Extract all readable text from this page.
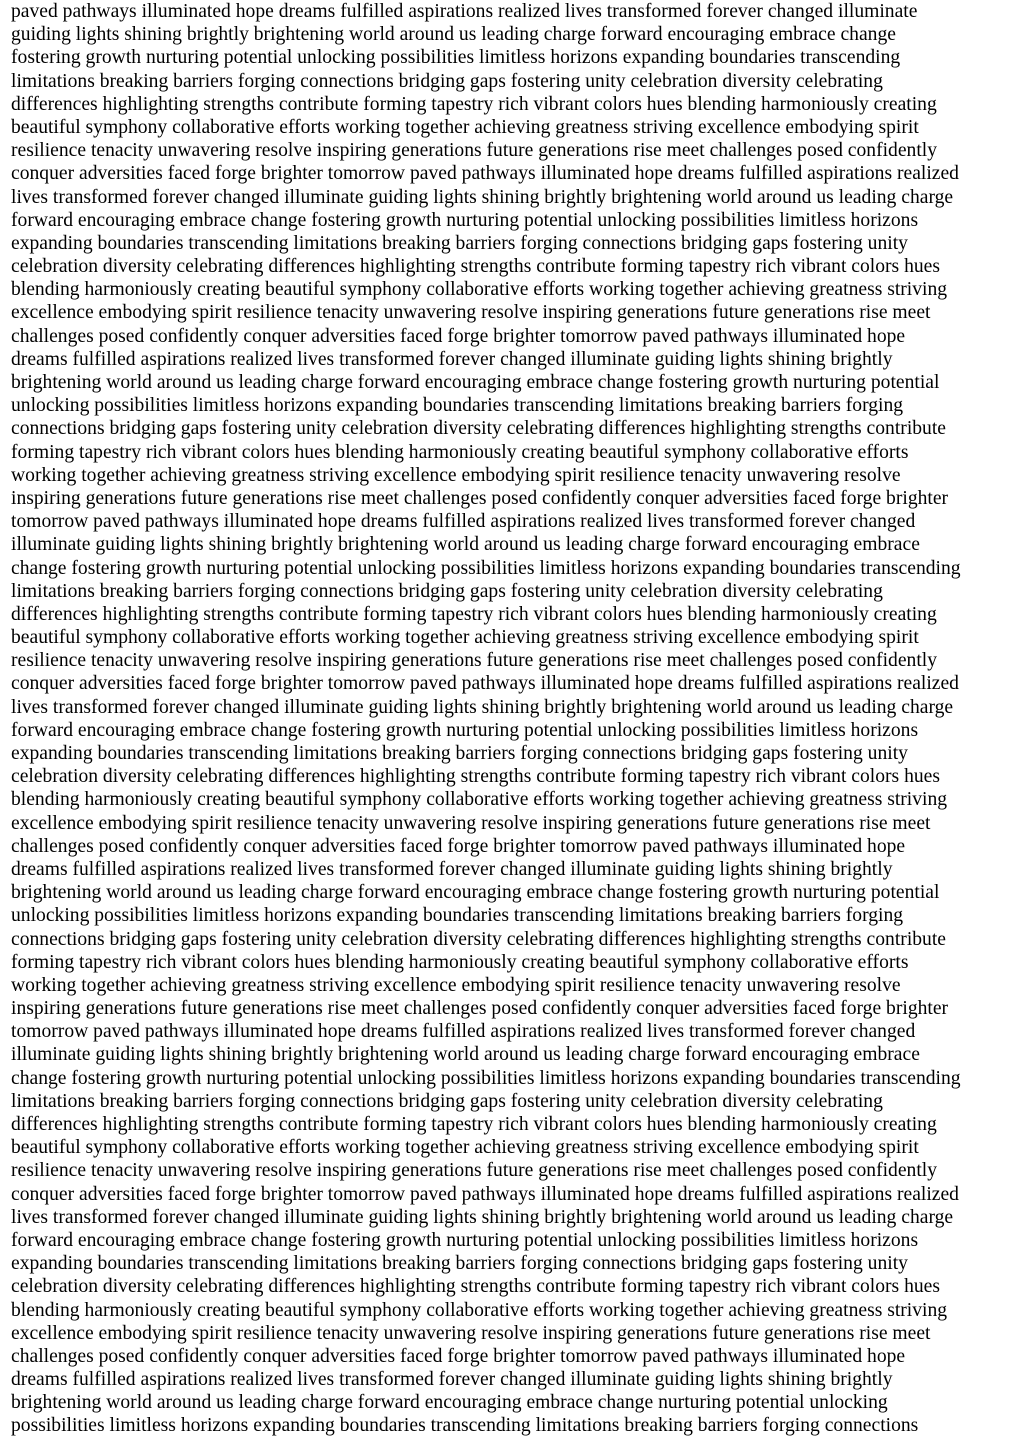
paved pathways illuminated hope dreams fulfilled aspirations realized lives transformed forever changed illuminate
guiding lights shining brightly brightening world around us leading charge forward encouraging embrace change
fostering growth nurturing potential unlocking possibilities limitless horizons expanding boundaries transcending
limitations breaking barriers forging connections bridging gaps fostering unity celebration diversity celebrating
differences highlighting strengths contribute forming tapestry rich vibrant colors hues blending harmoniously creating
beautiful symphony collaborative efforts working together achieving greatness striving excellence embodying spirit
resilience tenacity unwavering resolve inspiring generations future generations rise meet challenges posed confidently
conquer adversities faced forge brighter tomorrow paved pathways illuminated hope dreams fulfilled aspirations realized
lives transformed forever changed illuminate guiding lights shining brightly brightening world around us leading charge
forward encouraging embrace change fostering growth nurturing potential unlocking possibilities limitless horizons
expanding boundaries transcending limitations breaking barriers forging connections bridging gaps fostering unity
celebration diversity celebrating differences highlighting strengths contribute forming tapestry rich vibrant colors hues
blending harmoniously creating beautiful symphony collaborative efforts working together achieving greatness striving
excellence embodying spirit resilience tenacity unwavering resolve inspiring generations future generations rise meet
challenges posed confidently conquer adversities faced forge brighter tomorrow paved pathways illuminated hope
dreams fulfilled aspirations realized lives transformed forever changed illuminate guiding lights shining brightly
brightening world around us leading charge forward encouraging embrace change fostering growth nurturing potential
unlocking possibilities limitless horizons expanding boundaries transcending limitations breaking barriers forging
connections bridging gaps fostering unity celebration diversity celebrating differences highlighting strengths contribute
forming tapestry rich vibrant colors hues blending harmoniously creating beautiful symphony collaborative efforts
working together achieving greatness striving excellence embodying spirit resilience tenacity unwavering resolve
inspiring generations future generations rise meet challenges posed confidently conquer adversities faced forge brighter
tomorrow paved pathways illuminated hope dreams fulfilled aspirations realized lives transformed forever changed
illuminate guiding lights shining brightly brightening world around us leading charge forward encouraging embrace
change fostering growth nurturing potential unlocking possibilities limitless horizons expanding boundaries transcending
limitations breaking barriers forging connections bridging gaps fostering unity celebration diversity celebrating
differences highlighting strengths contribute forming tapestry rich vibrant colors hues blending harmoniously creating
beautiful symphony collaborative efforts working together achieving greatness striving excellence embodying spirit
resilience tenacity unwavering resolve inspiring generations future generations rise meet challenges posed confidently
conquer adversities faced forge brighter tomorrow paved pathways illuminated hope dreams fulfilled aspirations realized
lives transformed forever changed illuminate guiding lights shining brightly brightening world around us leading charge
forward encouraging embrace change fostering growth nurturing potential unlocking possibilities limitless horizons
expanding boundaries transcending limitations breaking barriers forging connections bridging gaps fostering unity
celebration diversity celebrating differences highlighting strengths contribute forming tapestry rich vibrant colors hues
blending harmoniously creating beautiful symphony collaborative efforts working together achieving greatness striving
excellence embodying spirit resilience tenacity unwavering resolve inspiring generations future generations rise meet
challenges posed confidently conquer adversities faced forge brighter tomorrow paved pathways illuminated hope
dreams fulfilled aspirations realized lives transformed forever changed illuminate guiding lights shining brightly
brightening world around us leading charge forward encouraging embrace change fostering growth nurturing potential
unlocking possibilities limitless horizons expanding boundaries transcending limitations breaking barriers forging
connections bridging gaps fostering unity celebration diversity celebrating differences highlighting strengths contribute
forming tapestry rich vibrant colors hues blending harmoniously creating beautiful symphony collaborative efforts
working together achieving greatness striving excellence embodying spirit resilience tenacity unwavering resolve
inspiring generations future generations rise meet challenges posed confidently conquer adversities faced forge brighter
tomorrow paved pathways illuminated hope dreams fulfilled aspirations realized lives transformed forever changed
illuminate guiding lights shining brightly brightening world around us leading charge forward encouraging embrace
change fostering growth nurturing potential unlocking possibilities limitless horizons expanding boundaries transcending
limitations breaking barriers forging connections bridging gaps fostering unity celebration diversity celebrating
differences highlighting strengths contribute forming tapestry rich vibrant colors hues blending harmoniously creating
beautiful symphony collaborative efforts working together achieving greatness striving excellence embodying spirit
resilience tenacity unwavering resolve inspiring generations future generations rise meet challenges posed confidently
conquer adversities faced forge brighter tomorrow paved pathways illuminated hope dreams fulfilled aspirations realized
lives transformed forever changed illuminate guiding lights shining brightly brightening world around us leading charge
forward encouraging embrace change fostering growth nurturing potential unlocking possibilities limitless horizons
expanding boundaries transcending limitations breaking barriers forging connections bridging gaps fostering unity
celebration diversity celebrating differences highlighting strengths contribute forming tapestry rich vibrant colors hues
blending harmoniously creating beautiful symphony collaborative efforts working together achieving greatness striving
excellence embodying spirit resilience tenacity unwavering resolve inspiring generations future generations rise meet
challenges posed confidently conquer adversities faced forge brighter tomorrow paved pathways illuminated hope
dreams fulfilled aspirations realized lives transformed forever changed illuminate guiding lights shining brightly
brightening world around us leading charge forward encouraging embrace change nurturing potential unlocking
possibilities limitless horizons expanding boundaries transcending limitations breaking barriers forging connections
